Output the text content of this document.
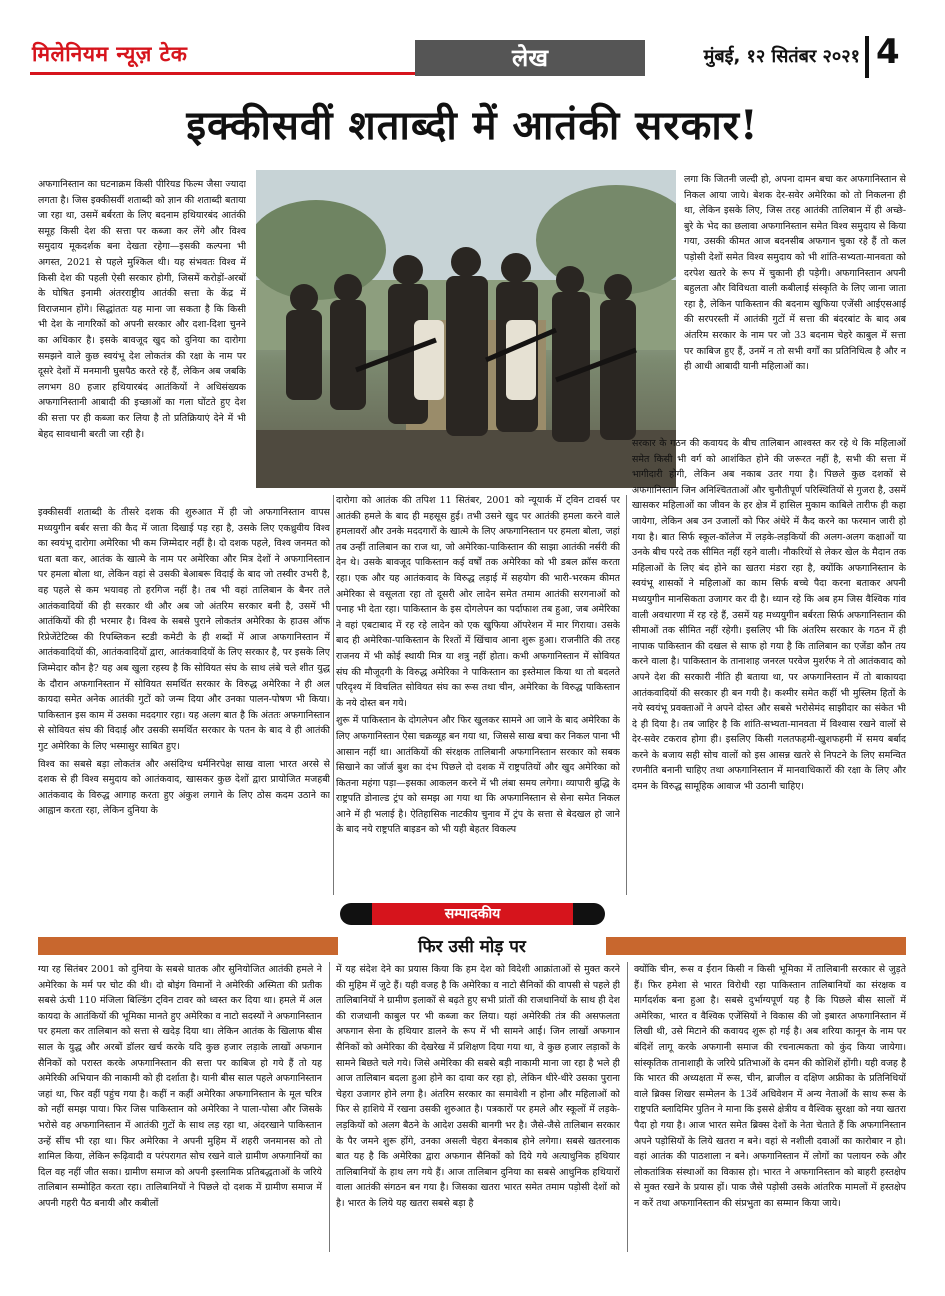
मिलेनियम न्यूज़ टेक	लेख	मुंबई, १२ सितंबर २०२१ 4
इक्कीसवीं शताब्दी में आतंकी सरकार!

अफगानिस्तान का घटनाक्रम किसी पीरियड फिल्म जैसा ज्यादा लगता है। जिस इक्कीसवीं शताब्दी को ज्ञान की शताब्दी बताया जा रहा था, उसमें बर्बरता के लिए बदनाम हथियारबंद आतंकी समूह किसी देश की सत्ता पर कब्जा कर लेंगे और विश्व समुदाय मूकदर्शक बना देखता रहेगा—इसकी कल्पना भी अगस्त, 2021 से पहले मुश्किल थी। यह संभवतः विश्व में किसी देश की पहली ऐसी सरकार होगी, जिसमें करोड़ों-अरबों के घोषित इनामी अंतरराष्ट्रीय आतंकी सत्ता के केंद्र में विराजमान होंगे। सिद्धांततः यह माना जा सकता है कि किसी भी देश के नागरिकों को अपनी सरकार और दशा-दिशा चुनने का अधिकार है। इसके बावजूद खुद को दुनिया का दारोगा समझने वाले कुछ स्वयंभू देश लोकतंत्र की रक्षा के नाम पर दूसरे देशों में मनमानी घुसपैठ करते रहे हैं, लेकिन अब जबकि लगभग 80 हजार हथियारबंद आतंकियों ने अधिसंख्यक अफगानिस्तानी आबादी की इच्छाओं का गला घोंटते हुए देश की सत्ता पर ही कब्जा कर लिया है तो प्रतिक्रियाएं देने में भी बेहद सावधानी बरती जा रही है।

इक्कीसवीं शताब्दी के तीसरे दशक की शुरुआत में ही जो अफगानिस्तान वापस मध्ययुगीन बर्बर सत्ता की कैद में जाता दिखाई पड़ रहा है, उसके लिए एकध्रुवीय विश्व का स्वयंभू दारोगा अमेरिका भी कम जिम्मेदार नहीं है। दो दशक पहले, विश्व जनमत को धता बता कर, आतंक के खात्मे के नाम पर अमेरिका और मित्र देशों ने अफगानिस्तान पर हमला बोला था, लेकिन वहां से उसकी बेआबरू विदाई के बाद जो तस्वीर उभरी है, वह पहले से कम भयावह तो हरगिज नहीं है। तब भी वहां तालिबान के बैनर तले आतंकवादियों की ही सरकार थी और अब जो अंतरिम सरकार बनी है, उसमें भी आतंकियों की ही भरमार है। विश्व के सबसे पुराने लोकतंत्र अमेरिका के हाउस ऑफ रिप्रेजेंटेटिव्स की रिपब्लिकन स्टडी कमेटी के ही शब्दों में आज अफगानिस्तान में आतंकवादियों की, आतंकवादियों द्वारा, आतंकवादियों के लिए सरकार है, पर इसके लिए जिम्मेदार कौन है? यह अब खुला रहस्य है कि सोवियत संघ के साथ लंबे चले शीत युद्ध के दौरान अफगानिस्तान में सोवियत समर्थित सरकार के विरुद्ध अमेरिका ने ही अल कायदा समेत अनेक आतंकी गुटों को जन्म दिया और उनका पालन-पोषण भी किया। पाकिस्तान इस काम में उसका मददगार रहा। यह अलग बात है कि अंततः अफगानिस्तान से सोवियत संघ की विदाई और उसकी समर्थित सरकार के पतन के बाद वे ही आतंकी गुट अमेरिका के लिए भस्मासुर साबित हुए।

विश्व का सबसे बड़ा लोकतंत्र और असंदिग्ध धर्मनिरपेक्ष साख वाला भारत अरसे से दशक से ही विश्व समुदाय को आतंकवाद, खासकर कुछ देशों द्वारा प्रायोजित मजहबी आतंकवाद के विरुद्ध आगाह करता हुए अंकुश लगाने के लिए ठोस कदम उठाने का आह्वान करता रहा, लेकिन दुनिया के

दारोगा को आतंक की तपिश 11 सितंबर, 2001 को न्यूयार्क में ट्विन टावर्स पर आतंकी हमले के बाद ही महसूस हुई। तभी उसने खुद पर आतंकी हमला करने वाले हमलावरों और उनके मददगारों के खात्मे के लिए अफगानिस्तान पर हमला बोला, जहां तब उन्हीं तालिबान का राज था, जो अमेरिका-पाकिस्तान की साझा आतंकी नर्सरी की देन थे। उसके बावजूद पाकिस्तान कई वर्षों तक अमेरिका को भी डबल क्रॉस करता रहा। एक और यह आतंकवाद के विरुद्ध लड़ाई में सहयोग की भारी-भरकम कीमत अमेरिका से वसूलता रहा तो दूसरी ओर लादेन समेत तमाम आतंकी सरगनाओं को पनाह भी देता रहा। पाकिस्तान के इस दोगलेपन का पर्दाफाश तब हुआ, जब अमेरिका ने वहां एबटाबाद में रह रहे लादेन को एक खुफिया ऑपरेशन में मार गिराया। उसके बाद ही अमेरिका-पाकिस्तान के रिश्तों में खिंचाव आना शुरू हुआ। राजनीति की तरह राजनय में भी कोई स्थायी मित्र या शत्रु नहीं होता। कभी अफगानिस्तान में सोवियत संघ की मौजूदगी के विरुद्ध अमेरिका ने पाकिस्तान का इस्तेमाल किया था तो बदलते परिदृश्य में विचलित सोवियत संघ का रूस तथा चीन, अमेरिका के विरुद्ध पाकिस्तान के नये दोस्त बन गये।

शुरू में पाकिस्तान के दोगलेपन और फिर खुलकर सामने आ जाने के बाद अमेरिका के लिए अफगानिस्तान ऐसा चक्रव्यूह बन गया था, जिससे साख बचा कर निकल पाना भी आसान नहीं था। आतंकियों की संरक्षक तालिबानी अफगानिस्तान सरकार को सबक सिखाने का जॉर्ज बुश का दंभ पिछले दो दशक में राष्ट्रपतियों और खुद अमेरिका को कितना महंगा पड़ा—इसका आकलन करने में भी लंबा समय लगेगा। व्यापारी बुद्धि के राष्ट्रपति डोनाल्ड ट्रंप को समझ आ गया था कि अफगानिस्तान से सेना समेत निकल आने में ही भलाई है। ऐतिहासिक नाटकीय चुनाव में ट्रंप के सत्ता से बेदखल हो जाने के बाद नये राष्ट्रपति बाइडन को भी यही बेहतर विकल्प

लगा कि जितनी जल्दी हो, अपना दामन बचा कर अफगानिस्तान से निकल आया जाये। बेशक देर-सवेर अमेरिका को तो निकलना ही था, लेकिन इसके लिए, जिस तरह आतंकी तालिबान में ही अच्छे-बुरे के भेद का छलावा अफगानिस्तान समेत विश्व समुदाय से किया गया, उसकी कीमत आज बदनसीब अफगान चुका रहे हैं तो कल पड़ोसी देशों समेत विश्व समुदाय को भी शांति-सभ्यता-मानवता को दरपेश खतरे के रूप में चुकानी ही पड़ेगी। अफगानिस्तान अपनी बहुलता और विविधता वाली कबीलाई संस्कृति के लिए जाना जाता रहा है, लेकिन पाकिस्तान की बदनाम खुफिया एजेंसी आईएसआई की सरपरस्ती में आतंकी गुटों में सत्ता की बंदरबांट के बाद अब अंतरिम सरकार के नाम पर जो 33 बदनाम चेहरे काबुल में सत्ता पर काबिज हुए हैं, उनमें न तो सभी वर्गों का प्रतिनिधित्व है और न ही आधी आबादी यानी महिलाओं का।

सरकार के गठन की कवायद के बीच तालिबान आश्वस्त कर रहे थे कि महिलाओं समेत किसी भी वर्ग को आशंकित होने की जरूरत नहीं है, सभी की सत्ता में भागीदारी होगी, लेकिन अब नकाब उतर गया है। पिछले कुछ दशकों से अफगानिस्तान जिन अनिश्चितताओं और चुनौतीपूर्ण परिस्थितियों से गुजरा है, उसमें खासकर महिलाओं का जीवन के हर क्षेत्र में हासिल मुकाम काबिले तारीफ ही कहा जायेगा, लेकिन अब उन उजालों को फिर अंधेरे में कैद करने का फरमान जारी हो गया है। बात सिर्फ स्कूल-कॉलेज में लड़के-लड़कियों की अलग-अलग कक्षाओं या उनके बीच परदे तक सीमित नहीं रहने वाली। नौकरियों से लेकर खेल के मैदान तक महिलाओं के लिए बंद होने का खतरा मंडरा रहा है, क्योंकि अफगानिस्तान के स्वयंभू शासकों ने महिलाओं का काम सिर्फ बच्चे पैदा करना बताकर अपनी मध्ययुगीन मानसिकता उजागर कर दी है। ध्यान रहे कि अब हम जिस वैश्विक गांव वाली अवधारणा में रह रहे हैं, उसमें यह मध्ययुगीन बर्बरता सिर्फ अफगानिस्तान की सीमाओं तक सीमित नहीं रहेगी। इसलिए भी कि अंतरिम सरकार के गठन में ही नापाक पाकिस्तान की दखल से साफ हो गया है कि तालिबान का एजेंडा कौन तय करने वाला है। पाकिस्तान के तानाशाह जनरल परवेज मुशर्रफ ने तो आतंकवाद को अपने देश की सरकारी नीति ही बताया था, पर अफगानिस्तान में तो बाकायदा आतंकवादियों की सरकार ही बन गयी है। कश्मीर समेत कहीं भी मुस्लिम हितों के नये स्वयंभू प्रवक्ताओं ने अपने दोस्त और सबसे भरोसेमंद साझीदार का संकेत भी दे ही दिया है। तब जाहिर है कि शांति-सभ्यता-मानवता में विश्वास रखने वालों से देर-सवेर टकराव होगा ही। इसलिए किसी गलतफहमी-खुशफहमी में समय बर्बाद करने के बजाय सही सोच वालों को इस आसन्न खतरे से निपटने के लिए समन्वित रणनीति बनानी चाहिए तथा अफगानिस्तान में मानवाधिकारों की रक्षा के लिए और दमन के विरुद्ध सामूहिक आवाज भी उठानी चाहिए।

सम्पादकीय
फिर उसी मोड़ पर

ग्या रह सितंबर 2001 को दुनिया के सबसे घातक और सुनियोजित आतंकी हमले ने अमेरिका के मर्म पर चोट की थी। दो बोइंग विमानों ने अमेरिकी अस्मिता की प्रतीक सबसे ऊंची 110 मंजिला बिल्डिंग ट्विन टावर को ध्वस्त कर दिया था। हमले में अल कायदा के आतंकियों की भूमिका मानते हुए अमेरिका व नाटो सदस्यों ने अफगानिस्तान पर हमला कर तालिबान को सत्ता से खदेड़ दिया था। लेकिन आतंक के खिलाफ बीस साल के युद्ध और अरबों डॉलर खर्च करके यदि कुछ हजार लड़ाके लाखों अफगान सैनिकों को परास्त करके अफगानिस्तान की सत्ता पर काबिज हो गये हैं तो यह अमेरिकी अभियान की नाकामी को ही दर्शाता है। यानी बीस साल पहले अफगानिस्तान जहां था, फिर वहीं पहुंच गया है। कहीं न कहीं अमेरिका अफगानिस्तान के मूल चरित्र को नहीं समझ पाया। फिर जिस पाकिस्तान को अमेरिका ने पाला-पोसा और जिसके भरोसे वह अफगानिस्तान में आतंकी गुटों के साथ लड़ रहा था, अंदरखाने पाकिस्तान उन्हें सींच भी रहा था। फिर अमेरिका ने अपनी मुहिम में शहरी जनमानस को तो शामिल किया, लेकिन रूढ़िवादी व परंपरागत सोच रखने वाले ग्रामीण अफगानियों का दिल वह नहीं जीत सका। ग्रामीण समाज को अपनी इस्लामिक प्रतिबद्धताओं के जरिये तालिबान सम्मोहित करता रहा। तालिबानियों ने पिछले दो दशक में ग्रामीण समाज में अपनी गहरी पैठ बनायी और कबीलों

में यह संदेश देने का प्रयास किया कि हम देश को विदेशी आक्रांताओं से मुक्त करने की मुहिम में जुटे हैं। यही वजह है कि अमेरिका व नाटो सैनिकों की वापसी से पहले ही तालिबानियों ने ग्रामीण इलाकों से बढ़ते हुए सभी प्रांतों की राजधानियों के साथ ही देश की राजधानी काबुल पर भी कब्जा कर लिया। यहां अमेरिकी तंत्र की असफलता अफगान सेना के हथियार डालने के रूप में भी सामने आई। जिन लाखों अफगान सैनिकों को अमेरिका की देखरेख में प्रशिक्षण दिया गया था, वे कुछ हजार लड़ाकों के सामने बिछते चले गये। जिसे अमेरिका की सबसे बड़ी नाकामी माना जा रहा है भले ही आज तालिबान बदला हुआ होने का दावा कर रहा हो, लेकिन धीरे-धीरे उसका पुराना चेहरा उजागर होने लगा है। अंतरिम सरकार का समावेशी न होना और महिलाओं को फिर से हाशिये में रखना उसकी शुरुआत है। पत्रकारों पर हमले और स्कूलों में लड़के-लड़कियों को अलग बैठने के आदेश उसकी बानगी भर है। जैसे-जैसे तालिबान सरकार के पैर जमने शुरू होंगे, उनका असली चेहरा बेनकाब होने लगेगा। सबसे खतरनाक बात यह है कि अमेरिका द्वारा अफगान सैनिकों को दिये गये अत्याधुनिक हथियार तालिबानियों के हाथ लग गये हैं। आज तालिबान दुनिया का सबसे आधुनिक हथियारों वाला आतंकी संगठन बन गया है। जिसका खतरा भारत समेत तमाम पड़ोसी देशों को है। भारत के लिये यह खतरा सबसे बड़ा है

क्योंकि चीन, रूस व ईरान किसी न किसी भूमिका में तालिबानी सरकार से जुड़ते हैं। फिर हमेशा से भारत विरोधी रहा पाकिस्तान तालिबानियों का संरक्षक व मार्गदर्शक बना हुआ है। सबसे दुर्भाग्यपूर्ण यह है कि पिछले बीस सालों में अमेरिका, भारत व वैश्विक एजेंसियों ने विकास की जो इबारत अफगानिस्तान में लिखी थी, उसे मिटाने की कवायद शुरू हो गई है। अब शरिया कानून के नाम पर बंदिशें लागू करके अफगानी समाज की रचनात्मकता को कुंद किया जायेगा। सांस्कृतिक तानाशाही के जरिये प्रतिभाओं के दमन की कोशिशें होंगी। यही वजह है कि भारत की अध्यक्षता में रूस, चीन, ब्राजील व दक्षिण अफ्रीका के प्रतिनिधियों वाले ब्रिक्स शिखर सम्मेलन के 13वें अधिवेशन में अन्य नेताओं के साथ रूस के राष्ट्रपति ब्लादिमिर पुतिन ने माना कि इससे क्षेत्रीय व वैश्विक सुरक्षा को नया खतरा पैदा हो गया है। आज भारत समेत ब्रिक्स देशों के नेता चेताते हैं कि अफगानिस्तान अपने पड़ोसियों के लिये खतरा न बने। वहां से नशीली दवाओं का कारोबार न हो। वहां आतंक की पाठशाला न बने। अफगानिस्तान में लोगों का पलायन रुके और लोकतांत्रिक संस्थाओं का विकास हो। भारत ने अफगानिस्तान को बाहरी हस्तक्षेप से मुक्त रखने के प्रयास हों। पाक जैसे पड़ोसी उसके आंतरिक मामलों में हस्तक्षेप न करें तथा अफगानिस्तान की संप्रभुता का सम्मान किया जाये।
